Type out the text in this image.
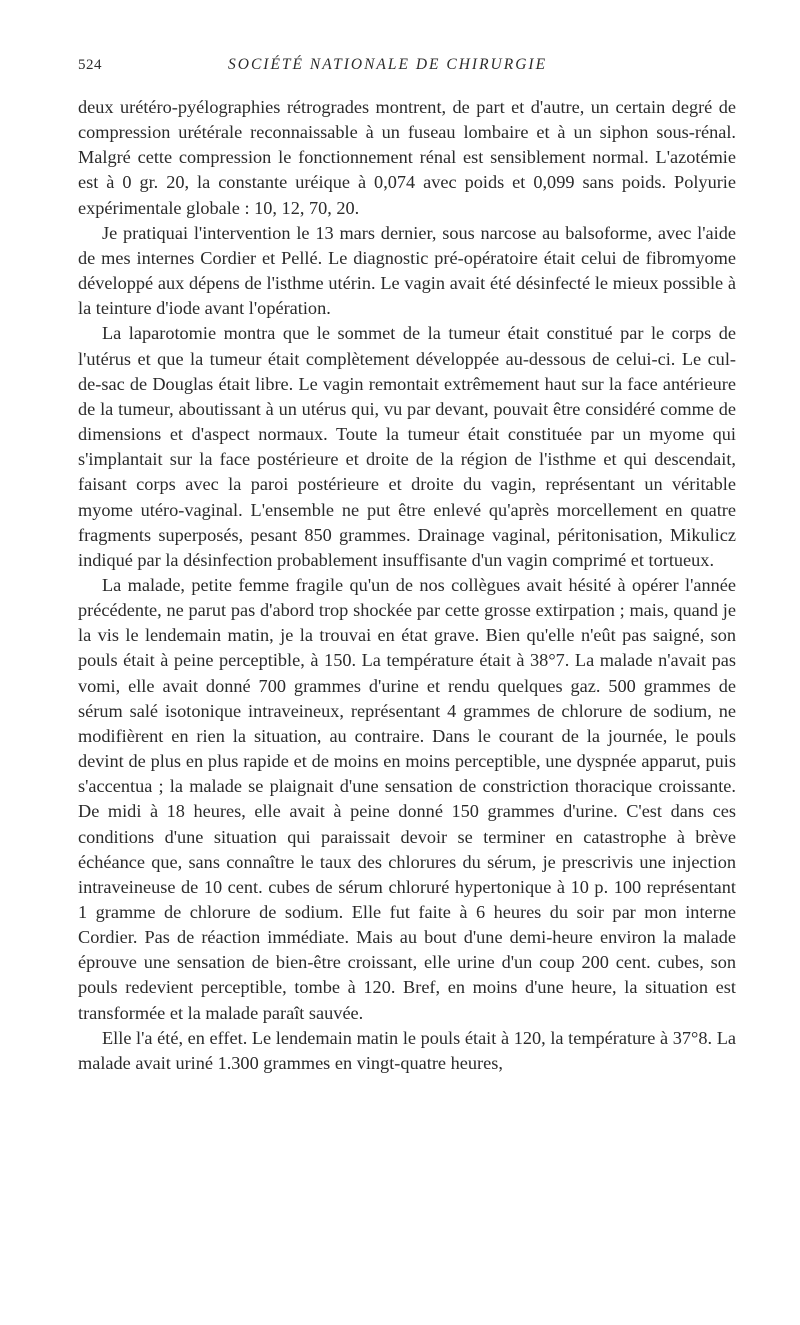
524	SOCIÉTÉ NATIONALE DE CHIRURGIE

deux urétéro-pyélographies rétrogrades montrent, de part et d'autre, un certain degré de compression urétérale reconnaissable à un fuseau lombaire et à un siphon sous-rénal. Malgré cette compression le fonctionnement rénal est sensiblement normal. L'azotémie est à 0 gr. 20, la constante uréique à 0,074 avec poids et 0,099 sans poids. Polyurie expérimentale globale : 10, 12, 70, 20.

Je pratiquai l'intervention le 13 mars dernier, sous narcose au balsoforme, avec l'aide de mes internes Cordier et Pellé. Le diagnostic pré-opératoire était celui de fibromyome développé aux dépens de l'isthme utérin. Le vagin avait été désinfecté le mieux possible à la teinture d'iode avant l'opération.

La laparotomie montra que le sommet de la tumeur était constitué par le corps de l'utérus et que la tumeur était complètement développée au-dessous de celui-ci. Le cul-de-sac de Douglas était libre. Le vagin remontait extrêmement haut sur la face antérieure de la tumeur, aboutissant à un utérus qui, vu par devant, pouvait être considéré comme de dimensions et d'aspect normaux. Toute la tumeur était constituée par un myome qui s'implantait sur la face postérieure et droite de la région de l'isthme et qui descendait, faisant corps avec la paroi postérieure et droite du vagin, représentant un véritable myome utéro-vaginal. L'ensemble ne put être enlevé qu'après morcellement en quatre fragments superposés, pesant 850 grammes. Drainage vaginal, péritonisation, Mikulicz indiqué par la désinfection probablement insuffisante d'un vagin comprimé et tortueux.

La malade, petite femme fragile qu'un de nos collègues avait hésité à opérer l'année précédente, ne parut pas d'abord trop shockée par cette grosse extirpation ; mais, quand je la vis le lendemain matin, je la trouvai en état grave. Bien qu'elle n'eût pas saigné, son pouls était à peine perceptible, à 150. La température était à 38°7. La malade n'avait pas vomi, elle avait donné 700 grammes d'urine et rendu quelques gaz. 500 grammes de sérum salé isotonique intraveineux, représentant 4 grammes de chlorure de sodium, ne modifièrent en rien la situation, au contraire. Dans le courant de la journée, le pouls devint de plus en plus rapide et de moins en moins perceptible, une dyspnée apparut, puis s'accentua ; la malade se plaignait d'une sensation de constriction thoracique croissante. De midi à 18 heures, elle avait à peine donné 150 grammes d'urine. C'est dans ces conditions d'une situation qui paraissait devoir se terminer en catastrophe à brève échéance que, sans connaître le taux des chlorures du sérum, je prescrivis une injection intraveineuse de 10 cent. cubes de sérum chloruré hypertonique à 10 p. 100 représentant 1 gramme de chlorure de sodium. Elle fut faite à 6 heures du soir par mon interne Cordier. Pas de réaction immédiate. Mais au bout d'une demi-heure environ la malade éprouve une sensation de bien-être croissant, elle urine d'un coup 200 cent. cubes, son pouls redevient perceptible, tombe à 120. Bref, en moins d'une heure, la situation est transformée et la malade paraît sauvée.

Elle l'a été, en effet. Le lendemain matin le pouls était à 120, la température à 37°8. La malade avait uriné 1.300 grammes en vingt-quatre heures,
